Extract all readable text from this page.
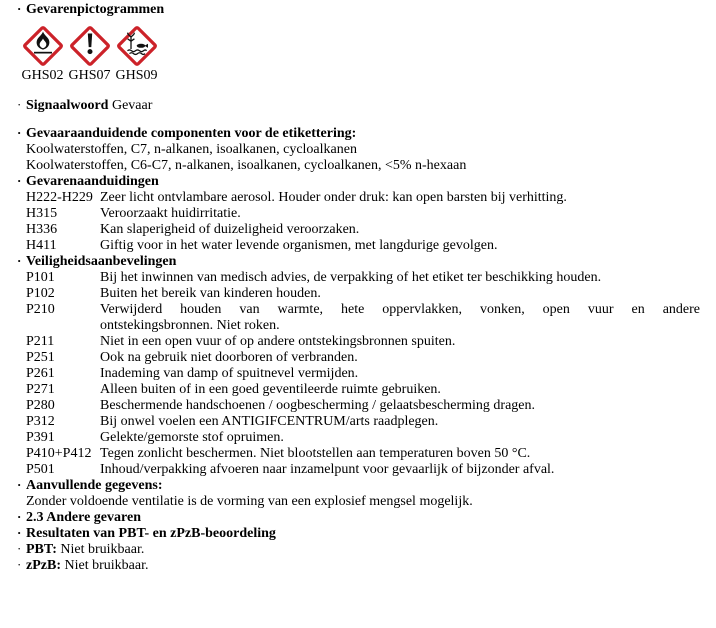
· Gevarenpictogrammen
GHS02 GHS07 GHS09
· Signaalwoord Gevaar
· Gevaaraanduidende componenten voor de etikettering:
Koolwaterstoffen, C7, n-alkanen, isoalkanen, cycloalkanen
Koolwaterstoffen, C6-C7, n-alkanen, isoalkanen, cycloalkanen, <5% n-hexaan
· Gevarenaanduidingen
H222-H229 Zeer licht ontvlambare aerosol. Houder onder druk: kan open barsten bij verhitting.
H315	Veroorzaakt huidirritatie.
H336	Kan slaperigheid of duizeligheid veroorzaken.
H411	Giftig voor in het water levende organismen, met langdurige gevolgen.
· Veiligheidsaanbevelingen
P101	Bij het inwinnen van medisch advies, de verpakking of het etiket ter beschikking houden.
P102	Buiten het bereik van kinderen houden.
P210	Verwijderd houden van warmte, hete oppervlakken, vonken, open vuur en andere
ontstekingsbronnen. Niet roken.
P211	Niet in een open vuur of op andere ontstekingsbronnen spuiten.
P251	Ook na gebruik niet doorboren of verbranden.
P261	Inademing van damp of spuitnevel vermijden.
P271	Alleen buiten of in een goed geventileerde ruimte gebruiken.
P280	Beschermende handschoenen / oogbescherming / gelaatsbescherming dragen.
P312	Bij onwel voelen een ANTIGIFCENTRUM/arts raadplegen.
P391	Gelekte/gemorste stof opruimen.
P410+P412 Tegen zonlicht beschermen. Niet blootstellen aan temperaturen boven 50 °C.
P501	Inhoud/verpakking afvoeren naar inzamelpunt voor gevaarlijk of bijzonder afval.
· Aanvullende gegevens:
Zonder voldoende ventilatie is de vorming van een explosief mengsel mogelijk.
· 2.3 Andere gevaren
· Resultaten van PBT- en zPzB-beoordeling
· PBT: Niet bruikbaar.
· zPzB: Niet bruikbaar.
